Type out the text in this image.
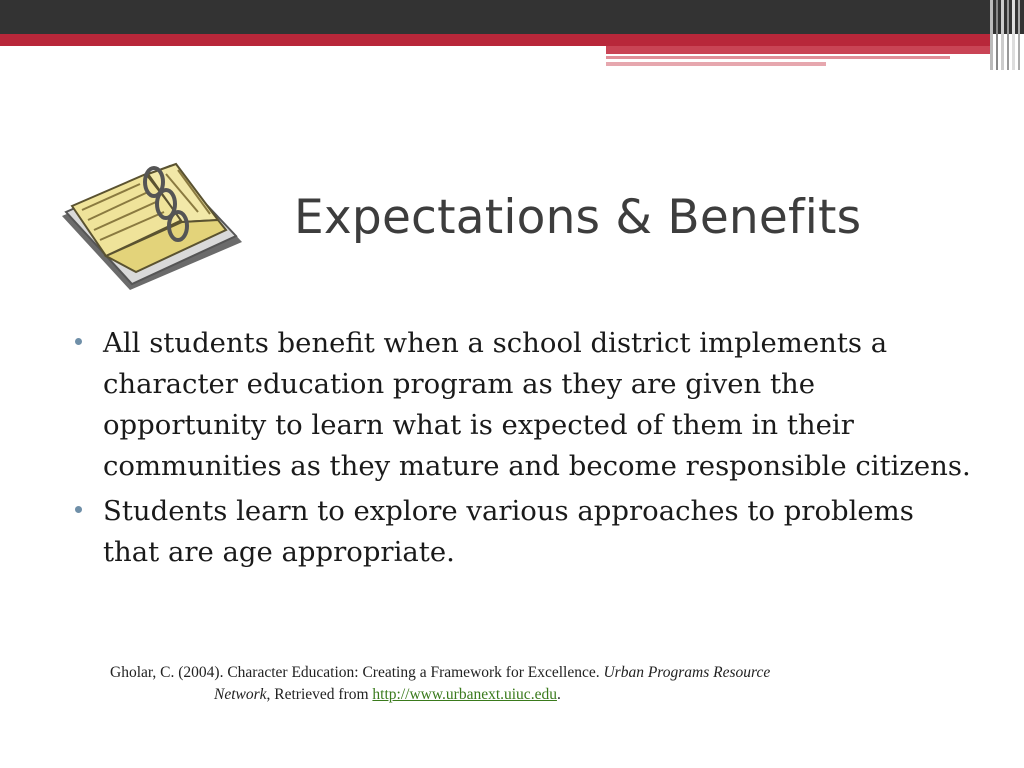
Expectations & Benefits
All students benefit when a school district implements a character education program as they are given the opportunity to learn what is expected of them in their communities as they mature and become responsible citizens.
Students learn to explore various approaches to problems that are age appropriate.
Gholar, C. (2004). Character Education: Creating a Framework for Excellence. Urban Programs Resource
Network, Retrieved from http://www.urbanext.uiuc.edu.
